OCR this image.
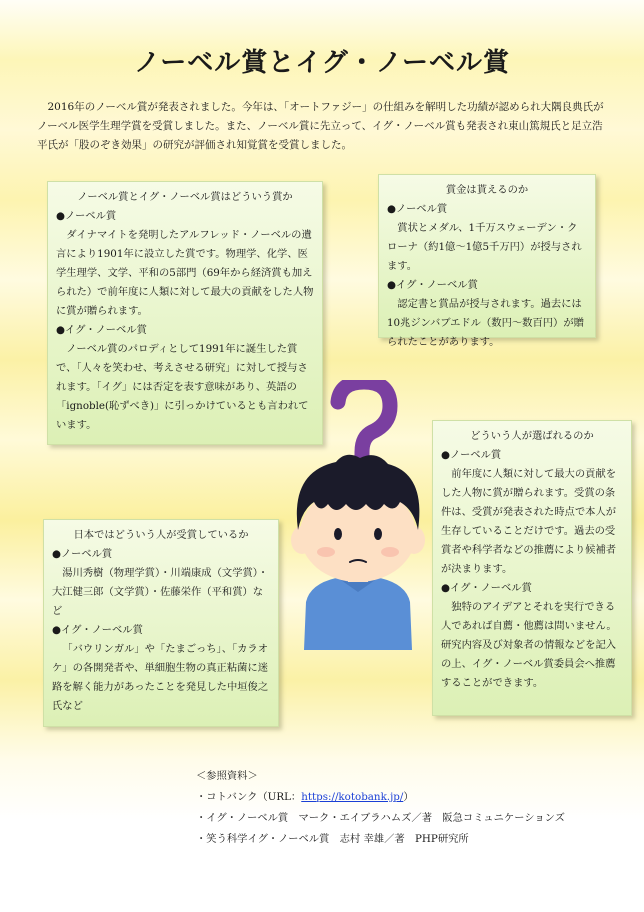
ノーベル賞とイグ・ノーベル賞

2016年のノーベル賞が発表されました。今年は、「オートファジー」の仕組みを解明した功績が認められ大隅良典氏がノーベル医学生理学賞を受賞しました。また、ノーベル賞に先立って、イグ・ノーベル賞も発表され東山篤規氏と足立浩平氏が「股のぞき効果」の研究が評価され知覚賞を受賞しました。

ノーベル賞とイグ・ノーベル賞はどういう賞か

● ノーベル賞

ダイナマイトを発明したアルフレッド・ノーベルの遺言により1901年に設立した賞です。物理学、化学、医学生理学、文学、平和の5部門（69年から経済賞も加えられた）で前年度に人類に対して最大の貢献をした人物に賞が贈られます。

● イグ・ノーベル賞

ノーベル賞のパロディとして1991年に誕生した賞で、「人々を笑わせ、考えさせる研究」に対して授与されます。「イグ」には否定を表す意味があり、英語の「ignoble(恥ずべき)」に引っかけているとも言われています。

賞金は貰えるのか

● ノーベル賞

賞状とメダル、1千万スウェーデン・クローナ（約1億〜1億5千万円）が授与されます。

● イグ・ノーベル賞

認定書と賞品が授与されます。過去には10兆ジンバブエドル（数円〜数百円）が贈られたことがあります。

日本ではどういう人が受賞しているか

● ノーベル賞

湯川秀樹（物理学賞）・川端康成（文学賞）・大江健三郎（文学賞）・佐藤栄作（平和賞）など

● イグ・ノーベル賞

「バウリンガル」や「たまごっち」、「カラオケ」の各開発者や、単細胞生物の真正粘菌に迷路を解く能力があったことを発見した中垣俊之氏など

どういう人が選ばれるのか

● ノーベル賞

前年度に人類に対して最大の貢献をした人物に賞が贈られます。受賞の条件は、受賞が発表された時点で本人が生存していることだけです。過去の受賞者や科学者などの推薦により候補者が決まります。

● イグ・ノーベル賞

独特のアイデアとそれを実行できる人であれば自薦・他薦は問いません。研究内容及び対象者の情報などを記入の上、イグ・ノーベル賞委員会へ推薦することができます。

＜参照資料＞

・コトバンク（URL：https://kotobank.jp/）

・イグ・ノーベル賞　マーク・エイブラハムズ／著　阪急コミュニケーションズ

・笑う科学イグ・ノーベル賞　志村 幸雄／著　PHP研究所
